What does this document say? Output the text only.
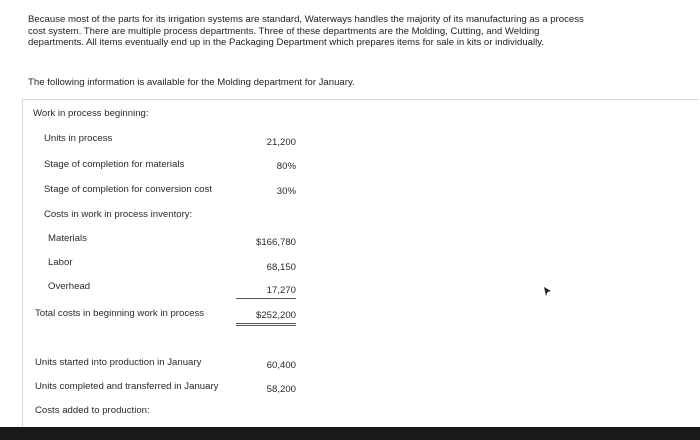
Because most of the parts for its irrigation systems are standard, Waterways handles the majority of its manufacturing as a process
cost system. There are multiple process departments. Three of these departments are the Molding, Cutting, and Welding
departments. All items eventually end up in the Packaging Department which prepares items for sale in kits or individually.
The following information is available for the Molding department for January.
Work in process beginning:
Units in process	21,200
Stage of completion for materials	80%
Stage of completion for conversion cost	30%
Costs in work in process inventory:
Materials	$166,780
Labor	68,150
Overhead	17,270
Total costs in beginning work in process	$252,200
Units started into production in January	60,400
Units completed and transferred in January	58,200
Costs added to production:
